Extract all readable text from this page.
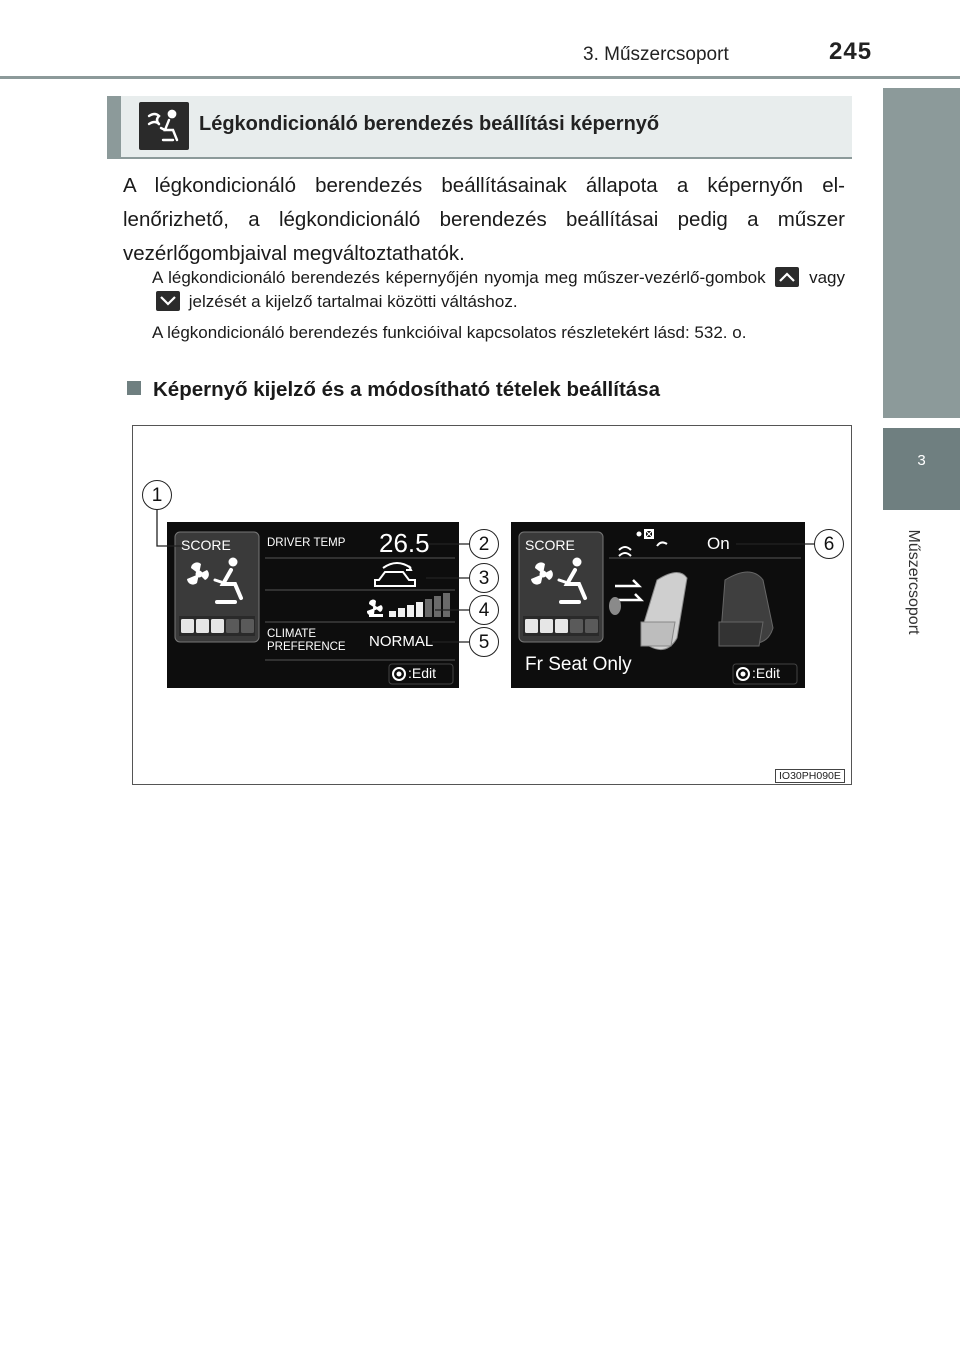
3. Műszercsoport	245
3
Műszercsoport
Légkondicionáló berendezés beállítási képernyő
A légkondicionáló berendezés beállításainak állapota a képernyőn el-lenőrizhető, a légkondicionáló berendezés beállításai pedig a műszer vezérlőgombjaival megváltoztathatók.
A légkondicionáló berendezés képernyőjén nyomja meg műszer-vezérlő-gombok	vagy
jelzését a kijelző tartalmai közötti váltáshoz.
A légkondicionáló berendezés funkcióival kapcsolatos részletekért lásd: 532. o.
Képernyő kijelző és a módosítható tételek beállítása
SCORE	DRIVER TEMP 26.5
CLIMATE
PREFERENCE NORMAL
:Edit
SCORE	On
Fr Seat Only	:Edit
1
2
3
4
5
6
IO30PH090E
